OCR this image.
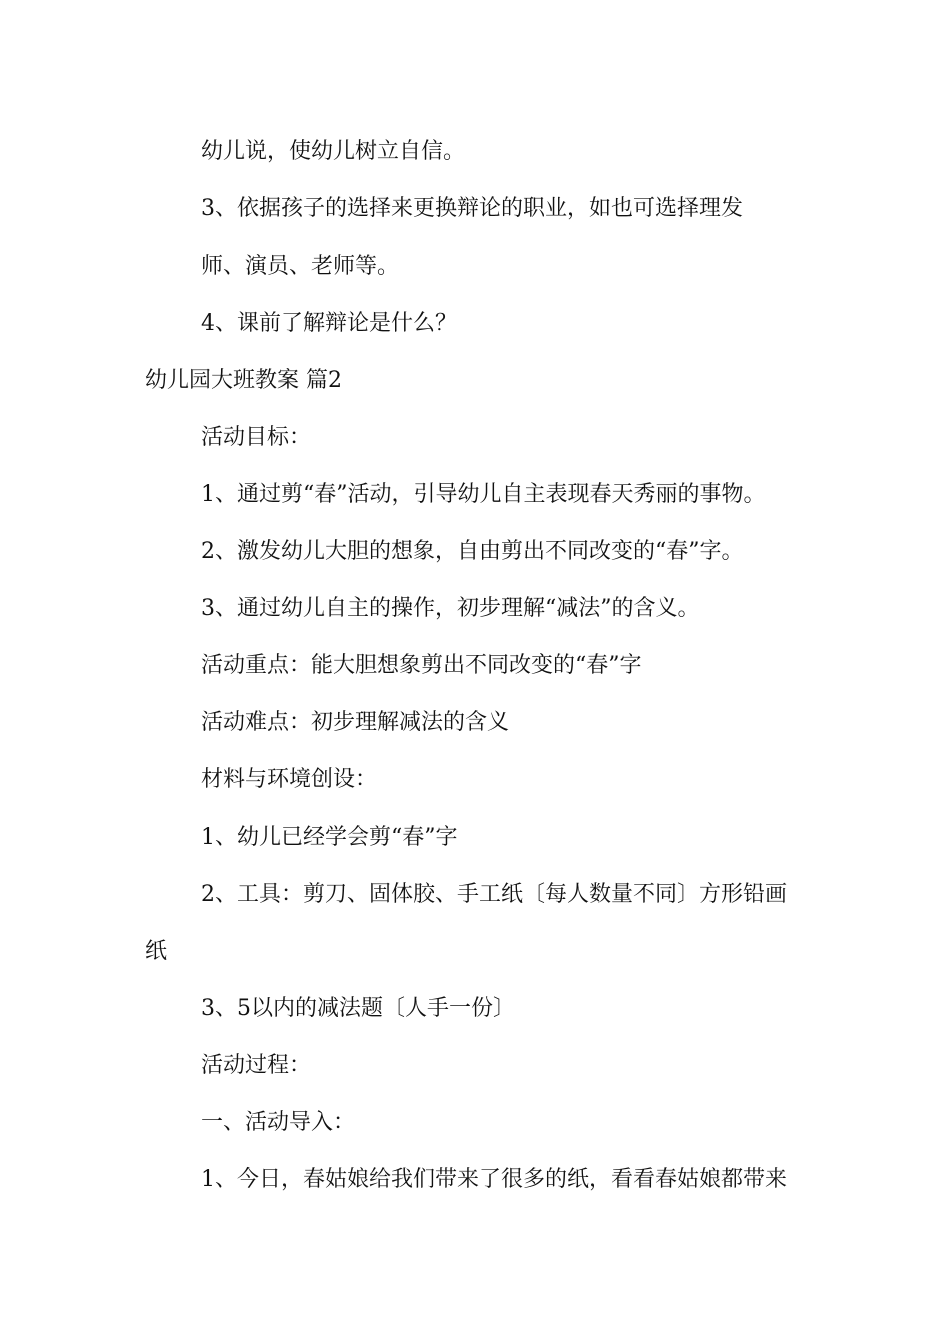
幼儿说，使幼儿树立自信。
3、依据孩子的选择来更换辩论的职业，如也可选择理发
师、演员、老师等。
4、课前了解辩论是什么？
幼儿园大班教案 篇2
活动目标：
1、通过剪“春”活动，引导幼儿自主表现春天秀丽的事物。
2、激发幼儿大胆的想象，自由剪出不同改变的“春”字。
3、通过幼儿自主的操作，初步理解“减法”的含义。
活动重点：能大胆想象剪出不同改变的“春”字
活动难点：初步理解减法的含义
材料与环境创设：
1、幼儿已经学会剪“春”字
2、工具：剪刀、固体胶、手工纸〔每人数量不同〕方形铅画
纸
3、5以内的减法题〔人手一份〕
活动过程：
一、活动导入：
1、今日，春姑娘给我们带来了很多的纸，看看春姑娘都带来
